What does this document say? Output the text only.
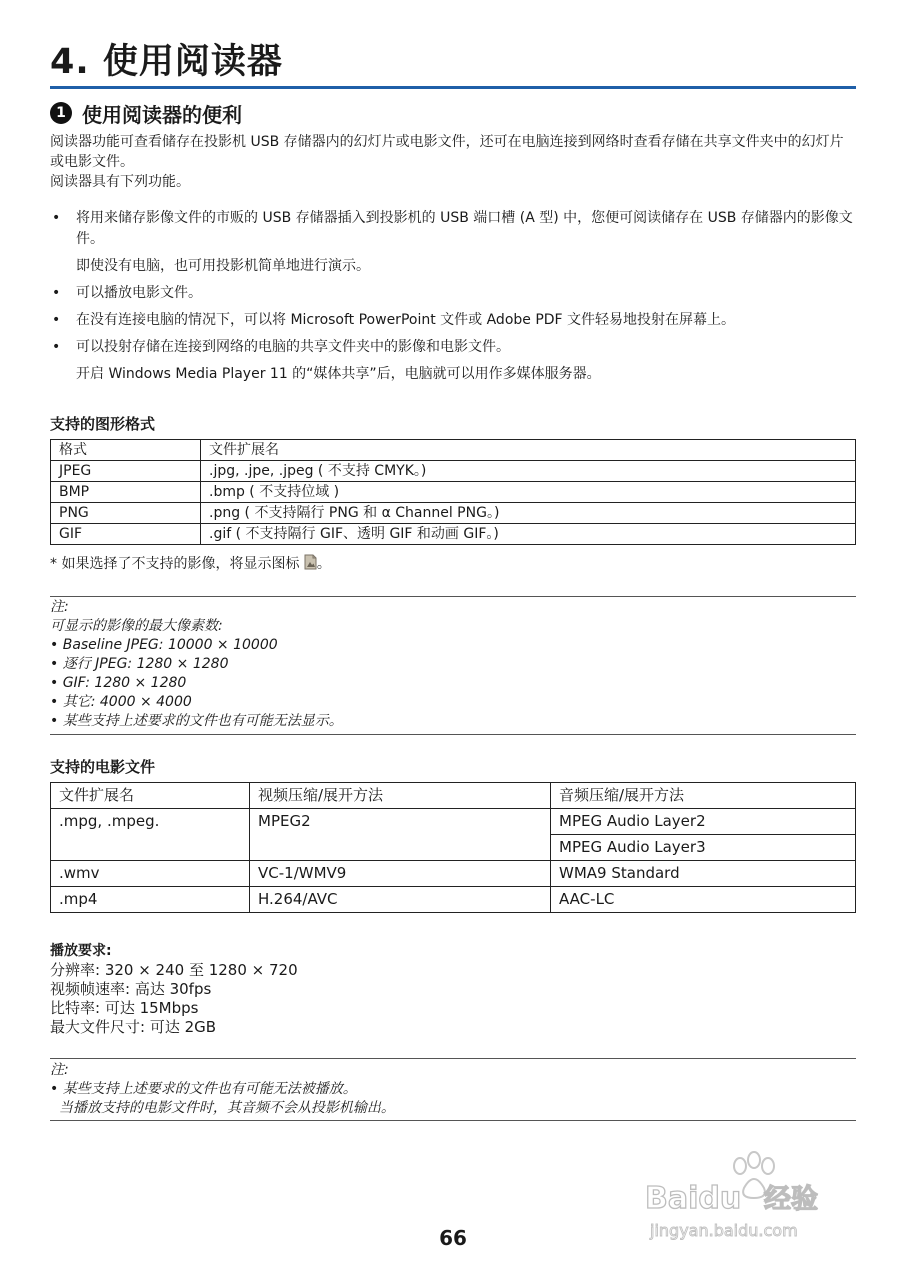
4. 使用阅读器
1 使用阅读器的便利
阅读器功能可查看储存在投影机 USB 存储器内的幻灯片或电影文件，还可在电脑连接到网络时查看存储在共享文件夹中的幻灯片或电影文件。
阅读器具有下列功能。
• 将用来储存影像文件的市贩的 USB 存储器插入到投影机的 USB 端口槽 (A 型) 中，您便可阅读储存在 USB 存储器内的影像文件。
即使没有电脑，也可用投影机简单地进行演示。
• 可以播放电影文件。
• 在没有连接电脑的情况下，可以将 Microsoft PowerPoint 文件或 Adobe PDF 文件轻易地投射在屏幕上。
• 可以投射存储在连接到网络的电脑的共享文件夹中的影像和电影文件。
开启 Windows Media Player 11 的“媒体共享”后，电脑就可以用作多媒体服务器。
支持的图形格式
格式	文件扩展名
JPEG	.jpg, .jpe, .jpeg ( 不支持 CMYK。)
BMP	.bmp ( 不支持位域 )
PNG	.png ( 不支持隔行 PNG 和 α Channel PNG。)
GIF	.gif ( 不支持隔行 GIF、透明 GIF 和动画 GIF。)
* 如果选择了不支持的影像，将显示图标 。
注:
可显示的影像的最大像素数:
• Baseline JPEG: 10000 × 10000
• 逐行 JPEG: 1280 × 1280
• GIF: 1280 × 1280
• 其它: 4000 × 4000
• 某些支持上述要求的文件也有可能无法显示。
支持的电影文件
文件扩展名	视频压缩/展开方法	音频压缩/展开方法
.mpg, .mpeg.	MPEG2	MPEG Audio Layer2
		MPEG Audio Layer3
.wmv	VC-1/WMV9	WMA9 Standard
.mp4	H.264/AVC	AAC-LC
播放要求:
分辨率: 320 × 240 至 1280 × 720
视频帧速率: 高达 30fps
比特率: 可达 15Mbps
最大文件尺寸: 可达 2GB
注:
• 某些支持上述要求的文件也有可能无法被播放。
当播放支持的电影文件时，其音频不会从投影机输出。
66
Baidu 经验
jingyan.baidu.com
